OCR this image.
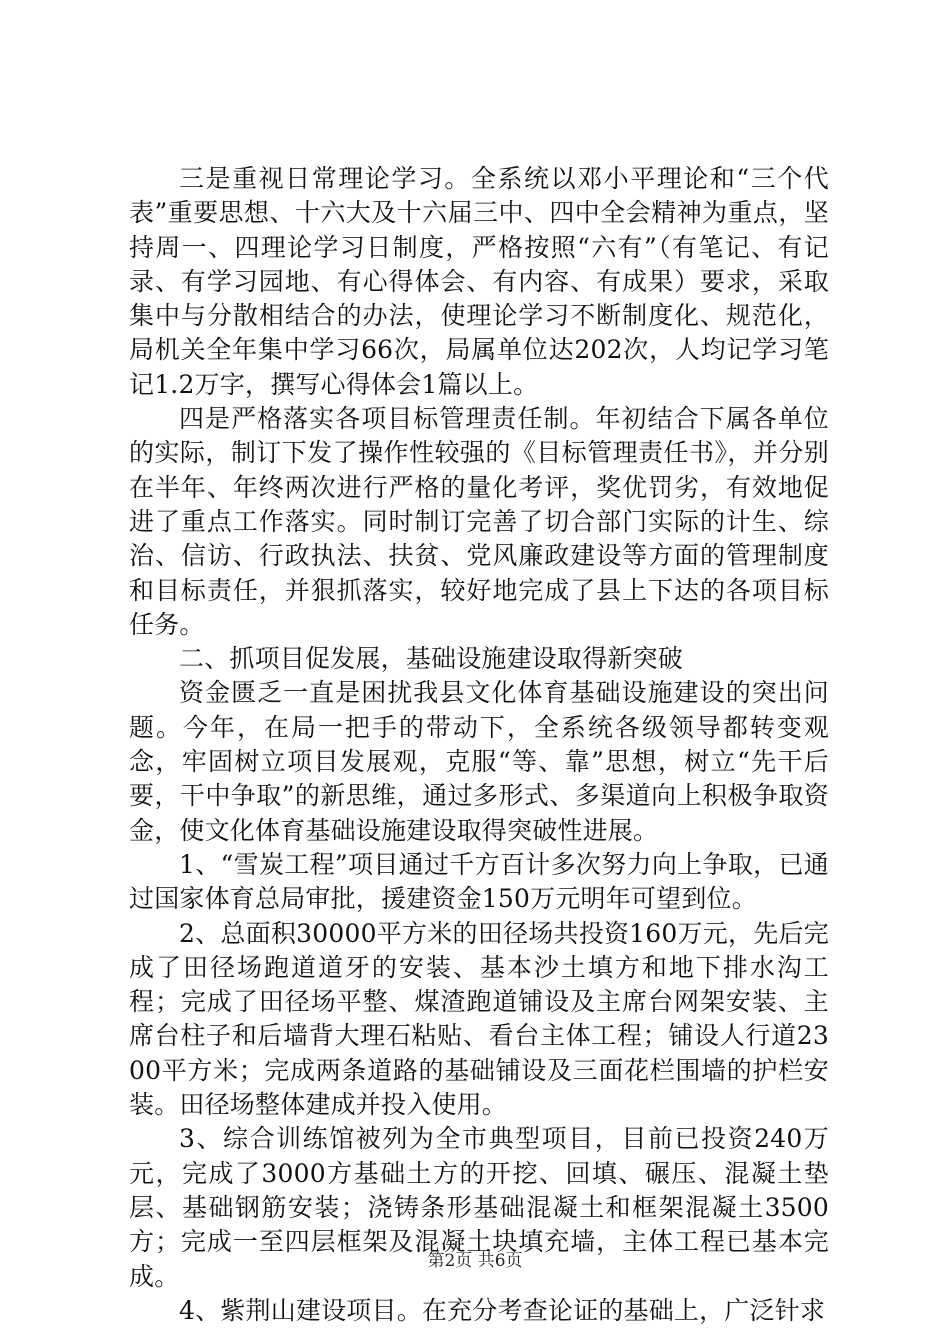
三是重视日常理论学习。全系统以邓小平理论和“三个代表”重要思想、十六大及十六届三中、四中全会精神为重点，坚持周一、四理论学习日制度，严格按照“六有”（有笔记、有记录、有学习园地、有心得体会、有内容、有成果）要求，采取集中与分散相结合的办法，使理论学习不断制度化、规范化，局机关全年集中学习66次，局属单位达202次，人均记学习笔记1.2万字，撰写心得体会1篇以上。

四是严格落实各项目标管理责任制。年初结合下属各单位的实际，制订下发了操作性较强的《目标管理责任书》，并分别在半年、年终两次进行严格的量化考评，奖优罚劣，有效地促进了重点工作落实。同时制订完善了切合部门实际的计生、综治、信访、行政执法、扶贫、党风廉政建设等方面的管理制度和目标责任，并狠抓落实，较好地完成了县上下达的各项目标任务。

二、抓项目促发展，基础设施建设取得新突破

资金匮乏一直是困扰我县文化体育基础设施建设的突出问题。今年，在局一把手的带动下，全系统各级领导都转变观念，牢固树立项目发展观，克服“等、靠”思想，树立“先干后要，干中争取”的新思维，通过多形式、多渠道向上积极争取资金，使文化体育基础设施建设取得突破性进展。

1、“雪炭工程”项目通过千方百计多次努力向上争取，已通过国家体育总局审批，援建资金150万元明年可望到位。

2、总面积30000平方米的田径场共投资160万元，先后完成了田径场跑道道牙的安装、基本沙土填方和地下排水沟工程；完成了田径场平整、煤渣跑道铺设及主席台网架安装、主席台柱子和后墙背大理石粘贴、看台主体工程；铺设人行道2300平方米；完成两条道路的基础铺设及三面花栏围墙的护栏安装。田径场整体建成并投入使用。

3、综合训练馆被列为全市典型项目，目前已投资240万元，完成了3000方基础土方的开挖、回填、碾压、混凝土垫层、基础钢筋安装；浇铸条形基础混凝土和框架混凝土3500方；完成一至四层框架及混凝土块填充墙，主体工程已基本完成。

4、紫荆山建设项目。在充分考查论证的基础上，广泛针求

第2页 共6页
